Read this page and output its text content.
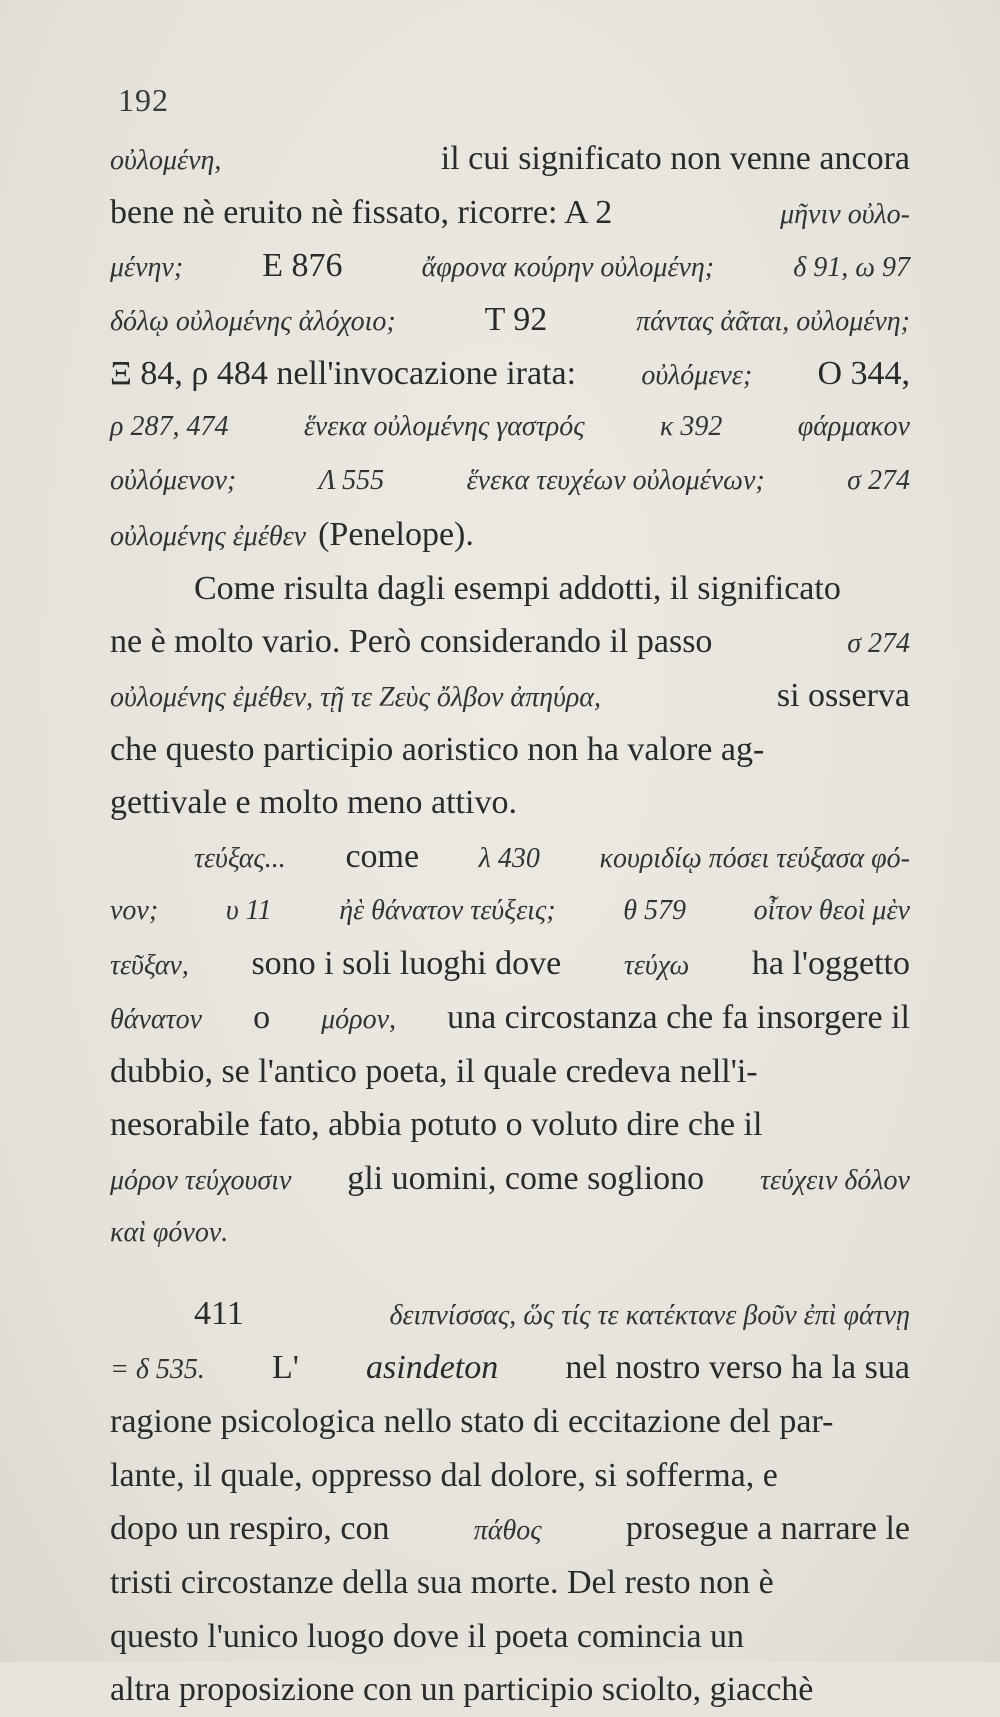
192
οὐλομένη,	il cui significato non venne ancora
bene nè eruito nè fissato, ricorre: A 2	μῆνιν οὐλο-
μένην; E 876	ἄφρονα κούρην οὐλομένη;	δ 91, ω 97
δόλῳ οὐλομένης ἀλόχοιο;	T 92	πάντας ἀᾶται, οὐλομένη;
Ξ 84, ρ 484 nell'invocazione irata: οὐλόμενε; O 344,
ρ 287, 474	ἕνεκα οὐλομένης γαστρός	κ 392	φάρμακον
οὐλόμενον;	Λ 555	ἕνεκα τευχέων οὐλομένων;	σ 274
οὐλομένης ἐμέθεν (Penelope).
Come risulta dagli esempi addotti, il significato
ne è molto vario. Però considerando il passo	σ 274
οὐλομένης ἐμέθεν, τῇ τε Ζεὺς ὄλβον ἀπηύρα,	si osserva
che questo participio aoristico non ha valore ag-
gettivale e molto meno attivo.
τεύξας... come λ 430 κουριδίῳ πόσει τεύξασα φό-
νον; υ 11 ἠὲ θάνατον τεύξεις; θ 579 οἶτον θεοὶ μὲν
τεῦξαν, sono i soli luoghi dove τεύχω ha l'oggetto
θάνατον o μόρον, una circostanza che fa insorgere il
dubbio, se l'antico poeta, il quale credeva nell'i-
nesorabile fato, abbia potuto o voluto dire che il
μόρον τεύχουσιν gli uomini, come sogliono τεύχειν δόλον
καὶ φόνον.
411	δειπνίσσας, ὥς τίς τε κατέκτανε βοῦν ἐπὶ φάτνῃ
= δ 535. L' asindeton nel nostro verso ha la sua
ragione psicologica nello stato di eccitazione del par-
lante, il quale, oppresso dal dolore, si sofferma, e
dopo un respiro, con	πάθος prosegue a narrare le
tristi circostanze della sua morte. Del resto non è
questo l'unico luogo dove il poeta comincia un
altra proposizione con un participio sciolto, giacchè
